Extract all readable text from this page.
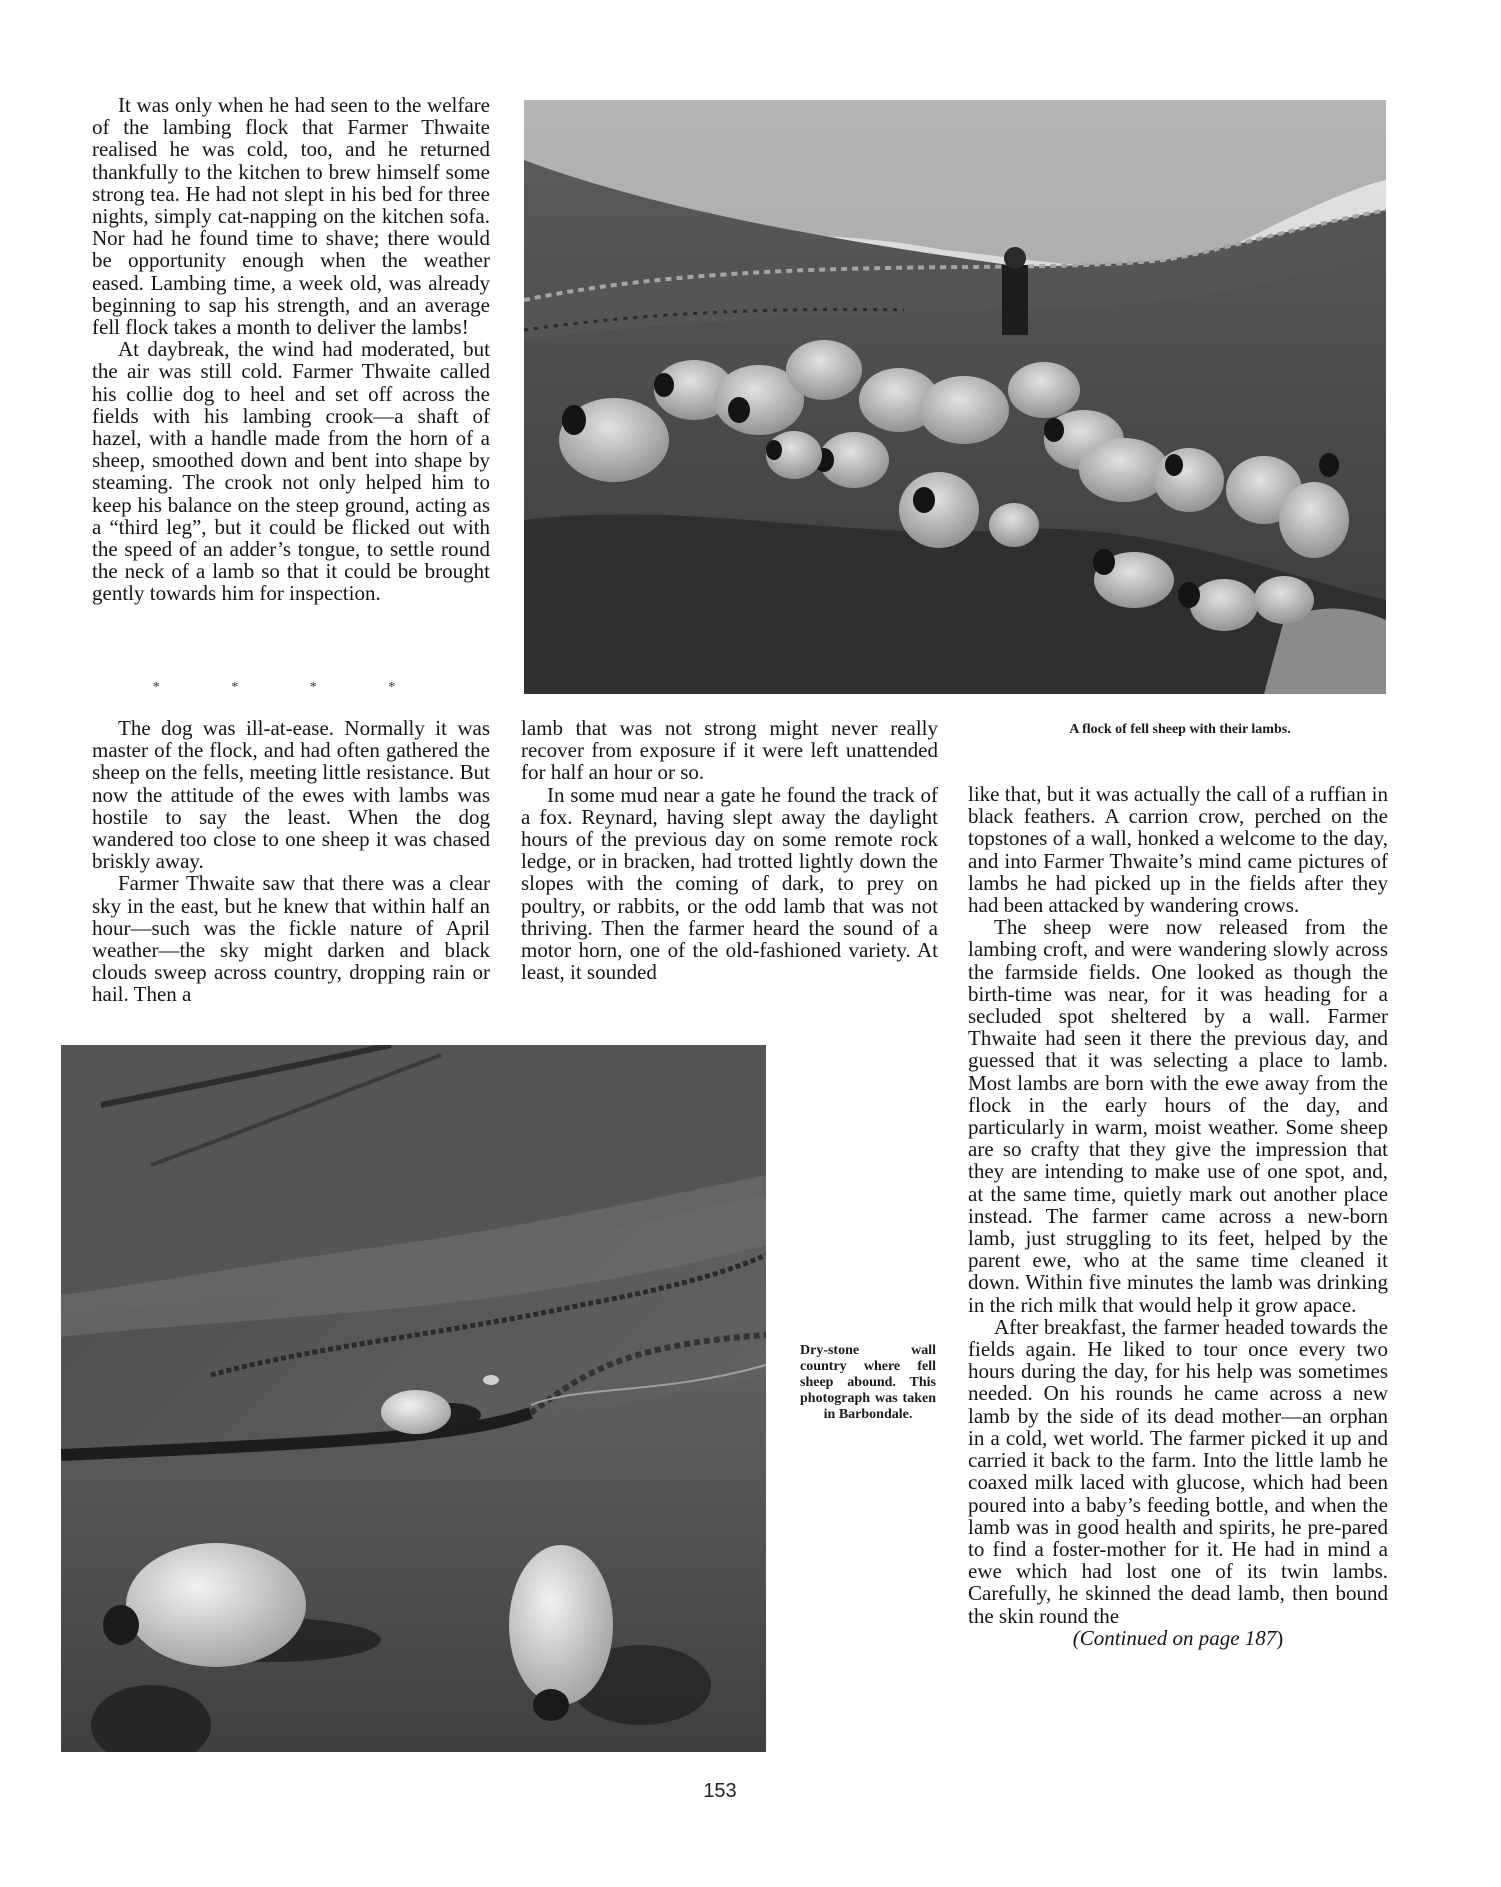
It was only when he had seen to the welfare of the lambing flock that Farmer Thwaite realised he was cold, too, and he returned thankfully to the kitchen to brew himself some strong tea. He had not slept in his bed for three nights, simply cat-napping on the kitchen sofa. Nor had he found time to shave; there would be opportunity enough when the weather eased. Lambing time, a week old, was already beginning to sap his strength, and an average fell flock takes a month to deliver the lambs!

At daybreak, the wind had moderated, but the air was still cold. Farmer Thwaite called his collie dog to heel and set off across the fields with his lambing crook—a shaft of hazel, with a handle made from the horn of a sheep, smoothed down and bent into shape by steaming. The crook not only helped him to keep his balance on the steep ground, acting as a “third leg”, but it could be flicked out with the speed of an adder’s tongue, to settle round the neck of a lamb so that it could be brought gently towards him for inspection.

* * * *

The dog was ill-at-ease. Normally it was master of the flock, and had often gathered the sheep on the fells, meeting little resistance. But now the attitude of the ewes with lambs was hostile to say the least. When the dog wandered too close to one sheep it was chased briskly away.

Farmer Thwaite saw that there was a clear sky in the east, but he knew that within half an hour—such was the fickle nature of April weather—the sky might darken and black clouds sweep across country, dropping rain or hail. Then a

lamb that was not strong might never really recover from exposure if it were left unattended for half an hour or so.

In some mud near a gate he found the track of a fox. Reynard, having slept away the daylight hours of the previous day on some remote rock ledge, or in bracken, had trotted lightly down the slopes with the coming of dark, to prey on poultry, or rabbits, or the odd lamb that was not thriving. Then the farmer heard the sound of a motor horn, one of the old-fashioned variety. At least, it sounded

like that, but it was actually the call of a ruffian in black feathers. A carrion crow, perched on the topstones of a wall, honked a welcome to the day, and into Farmer Thwaite’s mind came pictures of lambs he had picked up in the fields after they had been attacked by wandering crows.

The sheep were now released from the lambing croft, and were wandering slowly across the farmside fields. One looked as though the birth-time was near, for it was heading for a secluded spot sheltered by a wall. Farmer Thwaite had seen it there the previous day, and guessed that it was selecting a place to lamb. Most lambs are born with the ewe away from the flock in the early hours of the day, and particularly in warm, moist weather. Some sheep are so crafty that they give the impression that they are intending to make use of one spot, and, at the same time, quietly mark out another place instead. The farmer came across a new-born lamb, just struggling to its feet, helped by the parent ewe, who at the same time cleaned it down. Within five minutes the lamb was drinking in the rich milk that would help it grow apace.

After breakfast, the farmer headed towards the fields again. He liked to tour once every two hours during the day, for his help was sometimes needed. On his rounds he came across a new lamb by the side of its dead mother—an orphan in a cold, wet world. The farmer picked it up and carried it back to the farm. Into the little lamb he coaxed milk laced with glucose, which had been poured into a baby’s feeding bottle, and when the lamb was in good health and spirits, he pre-pared to find a foster-mother for it. He had in mind a ewe which had lost one of its twin lambs. Carefully, he skinned the dead lamb, then bound the skin round the

(Continued on page 187)

A flock of fell sheep with their lambs.
Dry-stone wall country where fell sheep abound. This photograph was taken in Barbondale.
153
